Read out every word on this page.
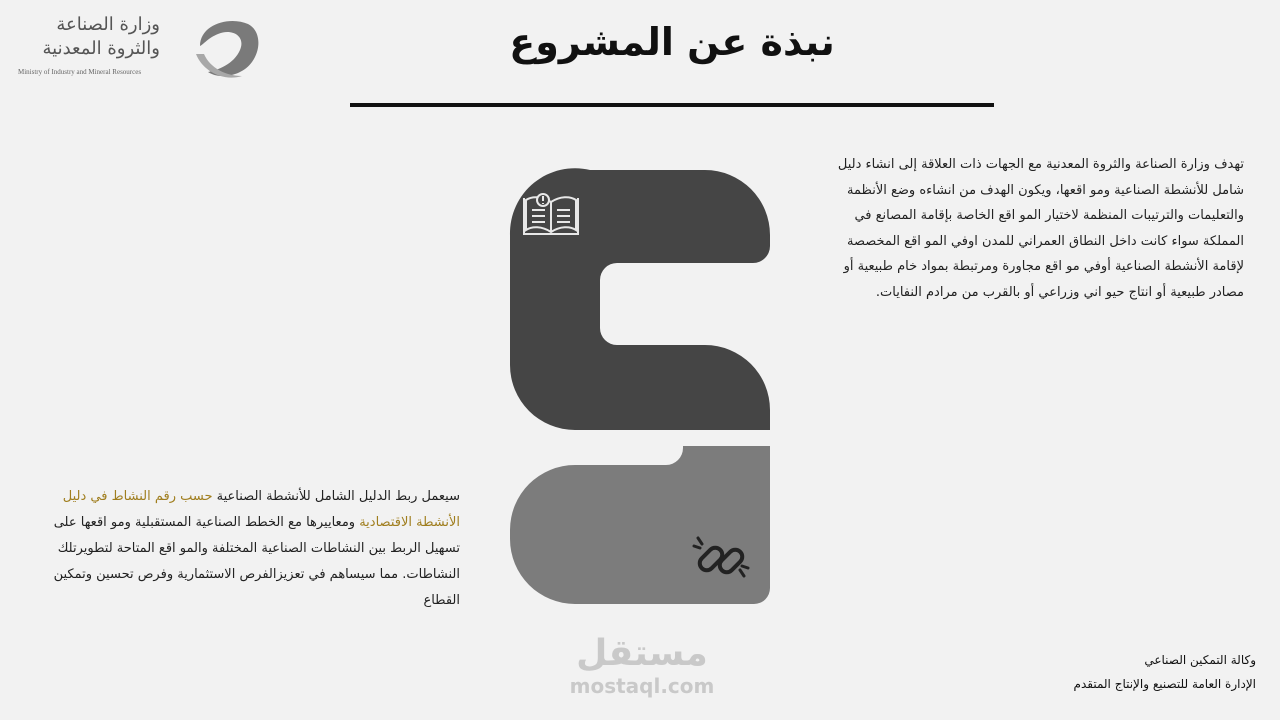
وزارة الصناعة
والثروة المعدنية
Ministry of Industry and Mineral Resources
نبذة عن المشروع
تهدف وزارة الصناعة والثروة المعدنية مع الجهات ذات العلاقة إلى انشاء دليل شامل للأنشطة الصناعية ومو اقعها، ويكون الهدف من انشاءه وضع الأنظمة والتعليمات والترتيبات المنظمة لاختيار المو اقع الخاصة بإقامة المصانع في المملكة سواء كانت داخل النطاق العمراني للمدن اوفي المو اقع المخصصة لإقامة الأنشطة الصناعية أوفي مو اقع مجاورة ومرتبطة بمواد خام طبيعية أو مصادر طبيعية أو انتاج حيو اني وزراعي أو بالقرب من مرادم النفايات.
سيعمل ربط الدليل الشامل للأنشطة الصناعية حسب رقم النشاط في دليل الأنشطة الاقتصادية ومعاييرها مع الخطط الصناعية المستقبلية ومو اقعها على تسهيل الربط بين النشاطات الصناعية المختلفة والمو اقع المتاحة لتطويرتلك النشاطات. مما سيساهم في تعزيزالفرص الاستثمارية وفرص تحسين وتمكين القطاع
مستقل
mostaql.com
وكالة التمكين الصناعي
الإدارة العامة للتصنيع والإنتاج المتقدم
